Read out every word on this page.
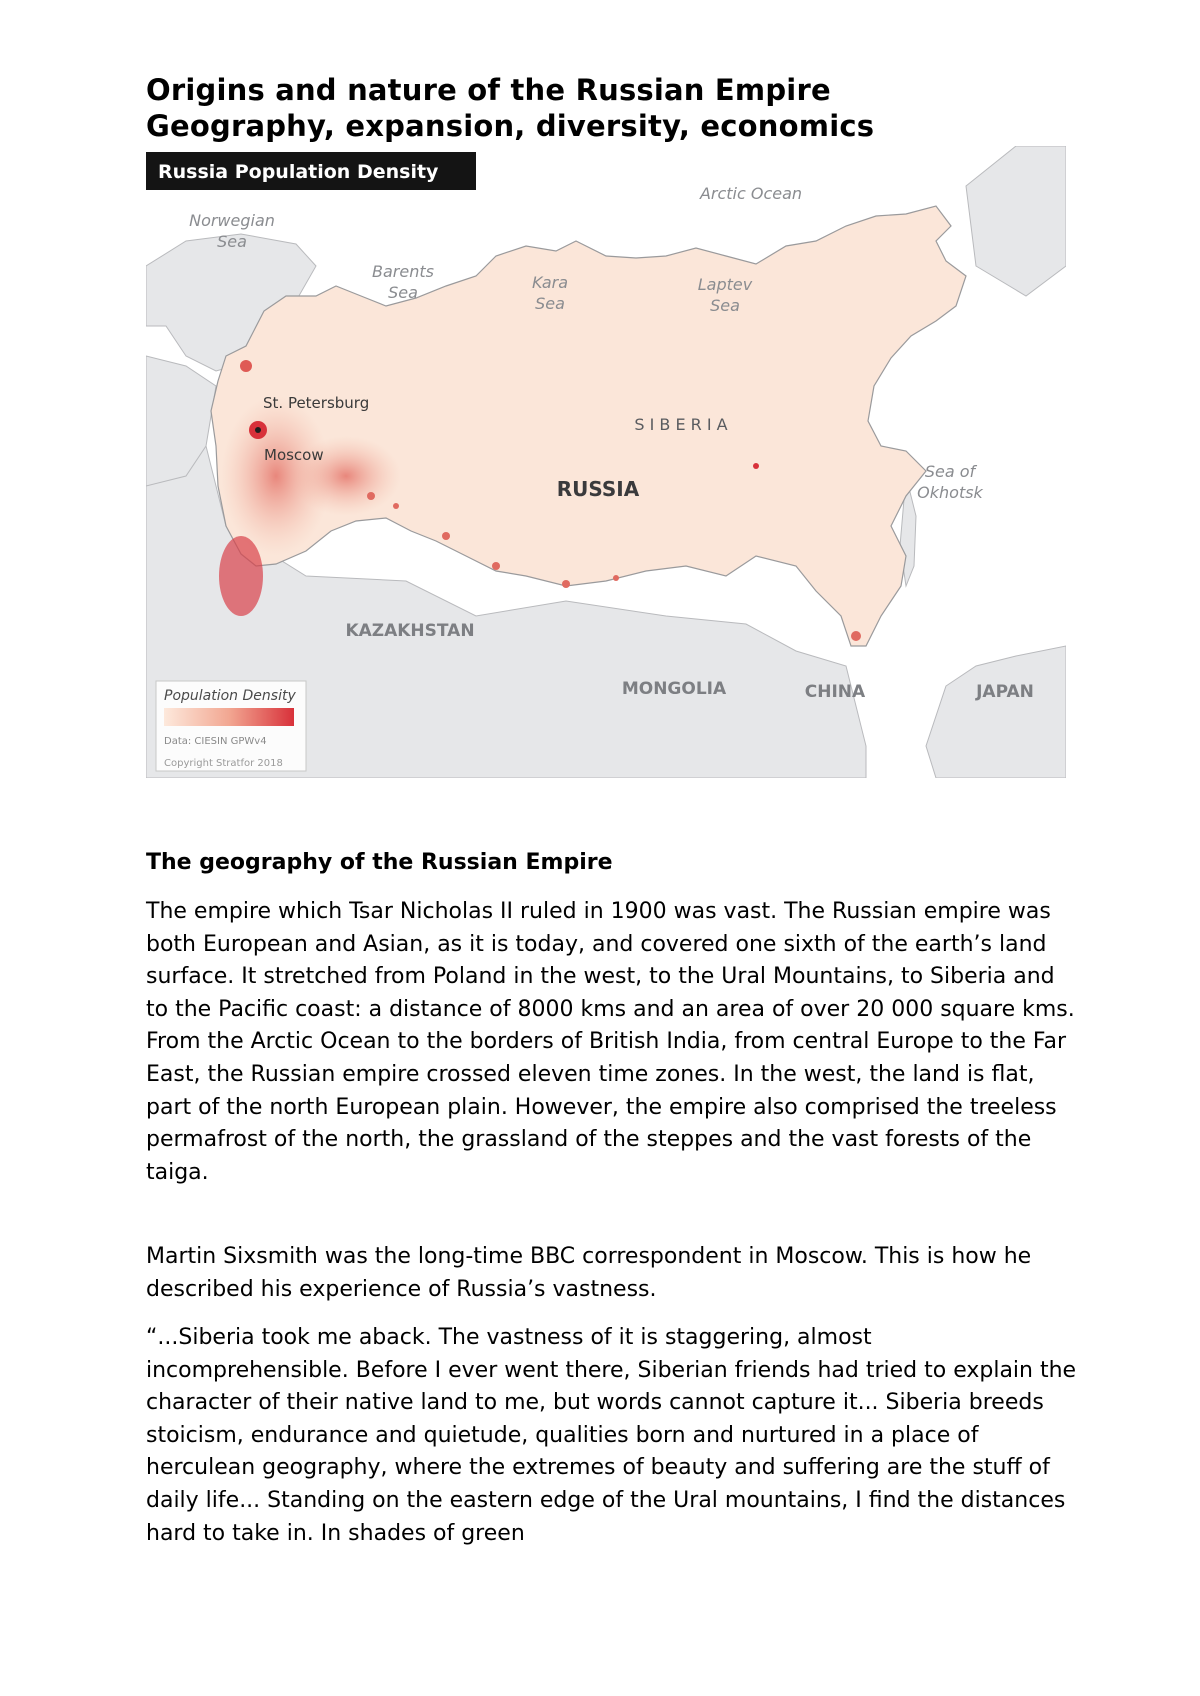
Origins and nature of the Russian Empire
Geography, expansion, diversity, economics
Russia Population Density
Arctic Ocean
Norwegian
Sea
Barents
Sea
Kara
Sea
Laptev
Sea
Sea of
Okhotsk
St. Petersburg
Moscow
S I B E R I A
RUSSIA
KAZAKHSTAN
MONGOLIA	CHINA	JAPAN
Population Density
Data: CIESIN GPWv4
Copyright Stratfor 2018
The geography of the Russian Empire

The empire which Tsar Nicholas II ruled in 1900 was vast. The Russian empire was both European and Asian, as it is today, and covered one sixth of the earth’s land surface. It stretched from Poland in the west, to the Ural Mountains, to Siberia and to the Pacific coast: a distance of 8000 kms and an area of over 20 000 square kms. From the Arctic Ocean to the borders of British India, from central Europe to the Far East, the Russian empire crossed eleven time zones. In the west, the land is flat, part of the north European plain. However, the empire also comprised the treeless permafrost of the north, the grassland of the steppes and the vast forests of the taiga.

Martin Sixsmith was the long-time BBC correspondent in Moscow. This is how he described his experience of Russia’s vastness.

“...Siberia took me aback. The vastness of it is staggering, almost incomprehensible. Before I ever went there, Siberian friends had tried to explain the character of their native land to me, but words cannot capture it... Siberia breeds stoicism, endurance and quietude, qualities born and nurtured in a place of herculean geography, where the extremes of beauty and suffering are the stuff of daily life... Standing on the eastern edge of the Ural mountains, I find the distances hard to take in. In shades of green
